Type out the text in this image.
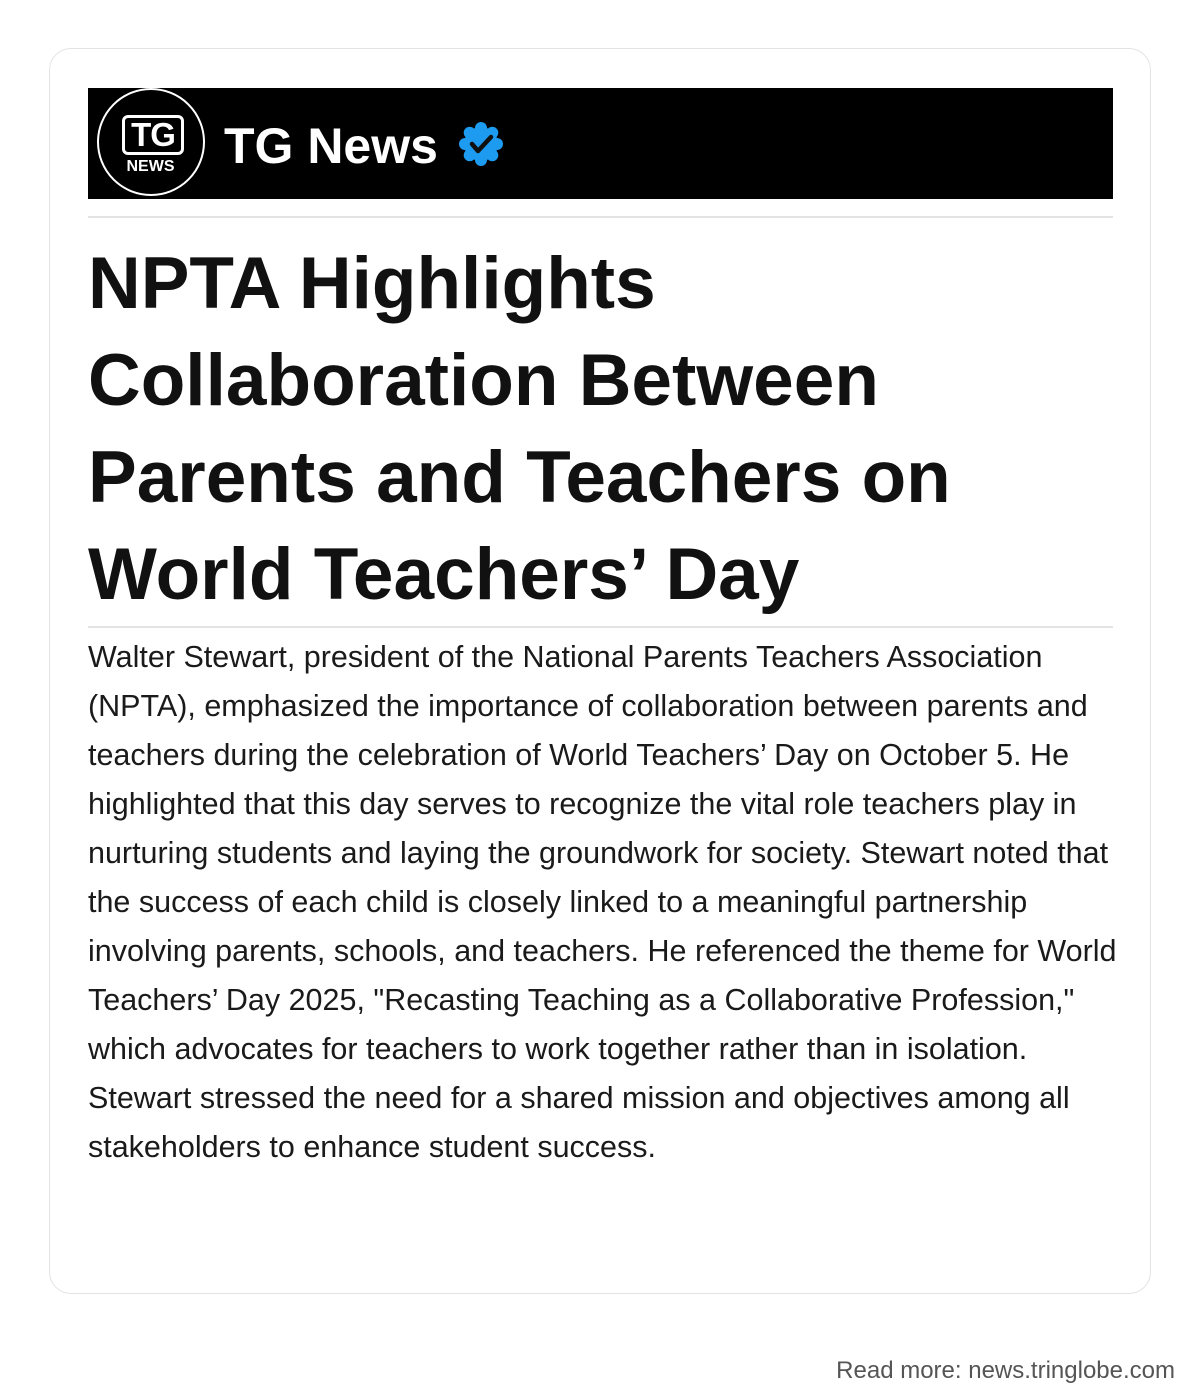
TG
NEWS TG News
NPTA Highlights Collaboration Between Parents and Teachers on World Teachers’ Day

Walter Stewart, president of the National Parents Teachers Association (NPTA), emphasized the importance of collaboration between parents and teachers during the celebration of World Teachers’ Day on October 5. He highlighted that this day serves to recognize the vital role teachers play in nurturing students and laying the groundwork for society. Stewart noted that the success of each child is closely linked to a meaningful partnership involving parents, schools, and teachers. He referenced the theme for World Teachers’ Day 2025, "Recasting Teaching as a Collaborative Profession," which advocates for teachers to work together rather than in isolation. Stewart stressed the need for a shared mission and objectives among all stakeholders to enhance student success.

Read more: news.tringlobe.com
